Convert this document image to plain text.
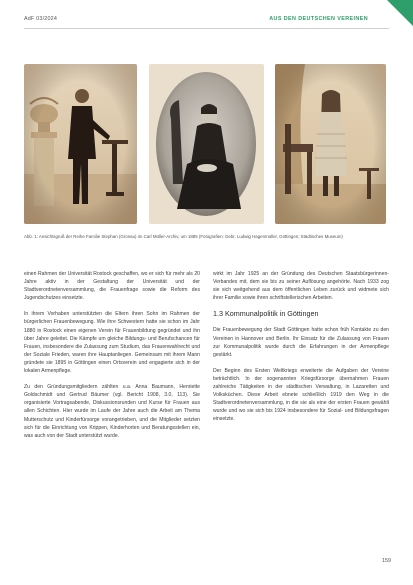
AdF 03/2024	AUS DEN DEUTSCHEN VEREINEN
Abb. 1: Ansichtsgruß der Reihe Familie Stephan (Gronau) im Carl Müller-Archiv, um 1885 (Fotografien: Gebr. Ludwig Hagenmüller, Göttingen; Städtisches Museum)

einen Rahmen der Universität Rostock geschaffen, wo er sich für mehr als 20 Jahre aktiv in der Gestaltung der Universität und der Stadtverordnetenversammlung, die Frauenfrage sowie die Reform des Jugendschutzes einsetzte.

In ihrem Vorhaben unterstützten die Eltern ihren Sohn im Rahmen der bürgerlichen Frauenbewegung. Wie ihre Schwestern hatte sie schon im Jahr 1880 in Rostock einen eigenen Verein für Frauenbildung gegründet und ihn über Jahre geleitet. Die Kämpfe um gleiche Bildungs- und Berufschancen für Frauen, insbesondere die Zulassung zum Studium, das Frauenwahlrecht und der Soziale Frieden, waren ihre Hauptanliegen. Gemeinsam mit ihrem Mann gründete sie 1895 in Göttingen einen Ortsverein und engagierte sich in der lokalen Armenpflege.

Zu den Gründungsmitgliedern zählten u.a. Anna Baumann, Henriette Goldschmidt und Gertrud Bäumer (vgl. Bericht 1908, 3.0, 113). Sie organisierte Vortragsabende, Diskussionsrunden und Kurse für Frauen aus allen Schichten. Hier wurde im Laufe der Jahre auch die Arbeit am Thema Mutterschutz und Kinderfürsorge vorangetrieben, und die Mitglieder setzten sich für die Einrichtung von Krippen, Kinderhorten und Beratungsstellen ein, was auch von der Stadt unterstützt wurde.

wirkt im Jahr 1925 an der Gründung des Deutschen Staatsbürgerinnen-Verbandes mit, dem sie bis zu seiner Auflösung angehörte. Nach 1933 zog sie sich weitgehend aus dem öffentlichen Leben zurück und widmete sich ihrer Familie sowie ihren schriftstellerischen Arbeiten.

1.3 Kommunalpolitik in Göttingen

Die Frauenbewegung der Stadt Göttingen hatte schon früh Kontakte zu den Vereinen in Hannover und Berlin. Ihr Einsatz für die Zulassung von Frauen zur Kommunalpolitik wurde durch die Erfahrungen in der Armenpflege gestärkt.

Der Beginn des Ersten Weltkriegs erweiterte die Aufgaben der Vereine beträchtlich. In der sogenannten Kriegsfürsorge übernahmen Frauen zahlreiche Tätigkeiten in der städtischen Verwaltung, in Lazaretten und Volksküchen. Diese Arbeit ebnete schließlich 1919 den Weg in die Stadtverordnetenversammlung, in die sie als eine der ersten Frauen gewählt wurde und wo sie sich bis 1924 insbesondere für Sozial- und Bildungsfragen einsetzte.

159
